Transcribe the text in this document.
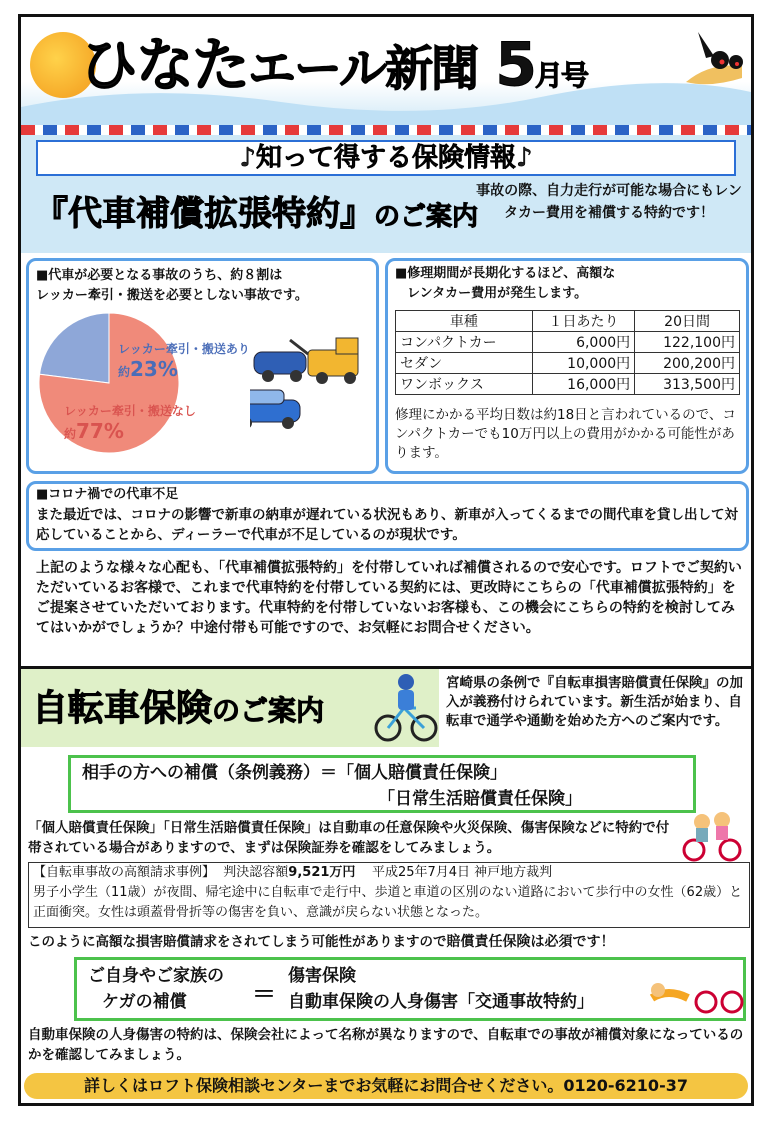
ひなたエール新聞 5月号
♪知って得する保険情報♪
『代車補償拡張特約』のご案内
事故の際、自力走行が可能な場合にもレンタカー費用を補償する特約です！
■代車が必要となる事故のうち、約８割は
レッカー牽引・搬送を必要としない事故です。
レッカー牽引・搬送あり
約23%
レッカー牽引・搬送なし
約77%
■修理期間が長期化するほど、高額な
レンタカー費用が発生します。
車種	１日あたり	20日間
コンパクトカー	6,000円	122,100円
セダン	10,000円	200,200円
ワンボックス	16,000円	313,500円
修理にかかる平均日数は約18日と言われているので、コンパクトカーでも10万円以上の費用がかかる可能性があります。
■コロナ禍での代車不足
また最近では、コロナの影響で新車の納車が遅れている状況もあり、新車が入ってくるまでの間代車を貸し出して対応していることから、ディーラーで代車が不足しているのが現状です。
上記のような様々な心配も、「代車補償拡張特約」を付帯していれば補償されるので安心です。ロフトでご契約いただいているお客様で、これまで代車特約を付帯している契約には、更改時にこちらの「代車補償拡張特約」をご提案させていただいております。代車特約を付帯していないお客様も、この機会にこちらの特約を検討してみてはいかがでしょうか？中途付帯も可能ですので、お気軽にお問合せください。
自転車保険のご案内
宮崎県の条例で『自転車損害賠償責任保険』の加入が義務付けられています。新生活が始まり、自転車で通学や通勤を始めた方へのご案内です。
相手の方への補償（条例義務）＝「個人賠償責任保険」
「日常生活賠償責任保険」
「個人賠償責任保険」「日常生活賠償責任保険」は自動車の任意保険や火災保険、傷害保険などに特約で付帯されている場合がありますので、まずは保険証券を確認をしてみましょう。
【自転車事故の高額請求事例】 判決認容額9,521万円 平成25年7月4日 神戸地方裁判
男子小学生（11歳）が夜間、帰宅途中に自転車で走行中、歩道と車道の区別のない道路において歩行中の女性（62歳）と正面衝突。女性は頭蓋骨骨折等の傷害を負い、意識が戻らない状態となった。
このように高額な損害賠償請求をされてしまう可能性がありますので賠償責任保険は必須です！
ご自身やご家族の
ケガの補償	＝
傷害保険
自動車保険の人身傷害「交通事故特約」
自動車保険の人身傷害の特約は、保険会社によって名称が異なりますので、自転車での事故が補償対象になっているのかを確認してみましょう。
詳しくはロフト保険相談センターまでお気軽にお問合せください。0120-6210-37
